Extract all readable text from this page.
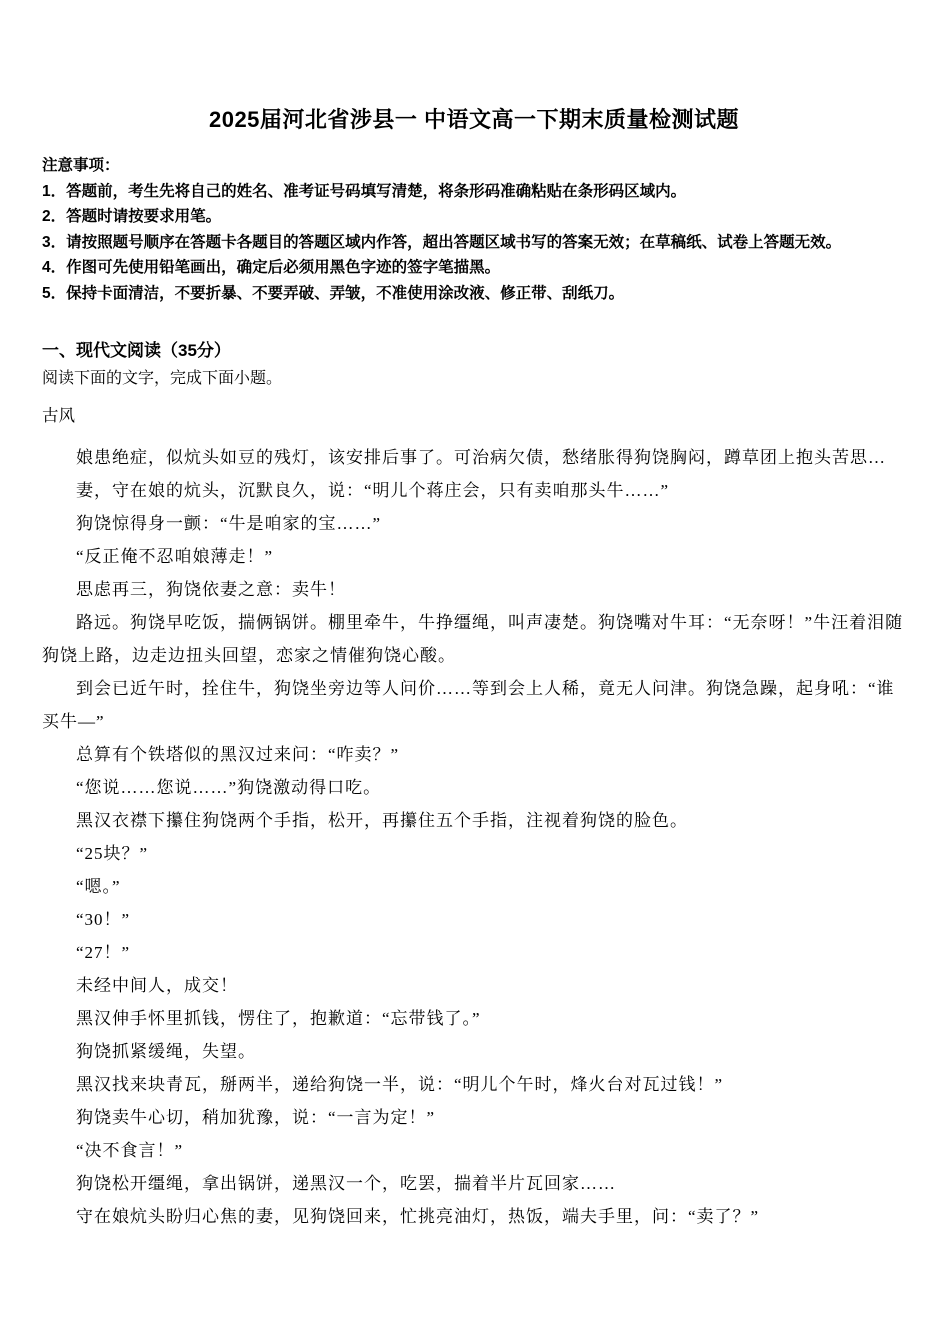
2025届河北省涉县一 中语文高一下期末质量检测试题

注意事项：

1．答题前，考生先将自己的姓名、准考证号码填写清楚，将条形码准确粘贴在条形码区域内。

2．答题时请按要求用笔。

3．请按照题号顺序在答题卡各题目的答题区域内作答，超出答题区域书写的答案无效；在草稿纸、试卷上答题无效。

4．作图可先使用铅笔画出，确定后必须用黑色字迹的签字笔描黑。

5．保持卡面清洁，不要折暴、不要弄破、弄皱，不准使用涂改液、修正带、刮纸刀。

一、现代文阅读（35分）

阅读下面的文字，完成下面小题。

古风

娘患绝症，似炕头如豆的残灯，该安排后事了。可治病欠债，愁绪胀得狗饶胸闷，蹲草团上抱头苦思…

妻，守在娘的炕头，沉默良久，说：“明儿个蒋庄会，只有卖咱那头牛……”

狗饶惊得身一颤：“牛是咱家的宝……”

“反正俺不忍咱娘薄走！”

思虑再三，狗饶依妻之意：卖牛！

路远。狗饶早吃饭，揣俩锅饼。棚里牵牛，牛挣缰绳，叫声凄楚。狗饶嘴对牛耳：“无奈呀！”牛汪着泪随狗饶上路，边走边扭头回望，恋家之情催狗饶心酸。

到会已近午时，拴住牛，狗饶坐旁边等人问价……等到会上人稀，竟无人问津。狗饶急躁，起身吼：“谁买牛—”

总算有个铁塔似的黑汉过来问：“咋卖？”

“您说……您说……”狗饶激动得口吃。

黑汉衣襟下攥住狗饶两个手指，松开，再攥住五个手指，注视着狗饶的脸色。

“25块？”

“嗯。”

“30！”

“27！”

未经中间人，成交！

黑汉伸手怀里抓钱，愣住了，抱歉道：“忘带钱了。”

狗饶抓紧缓绳，失望。

黑汉找来块青瓦，掰两半，递给狗饶一半，说：“明儿个午时，烽火台对瓦过钱！”

狗饶卖牛心切，稍加犹豫，说：“一言为定！”

“决不食言！”

狗饶松开缰绳，拿出锅饼，递黑汉一个，吃罢，揣着半片瓦回家……

守在娘炕头盼归心焦的妻，见狗饶回来，忙挑亮油灯，热饭，端夫手里，问：“卖了？”
